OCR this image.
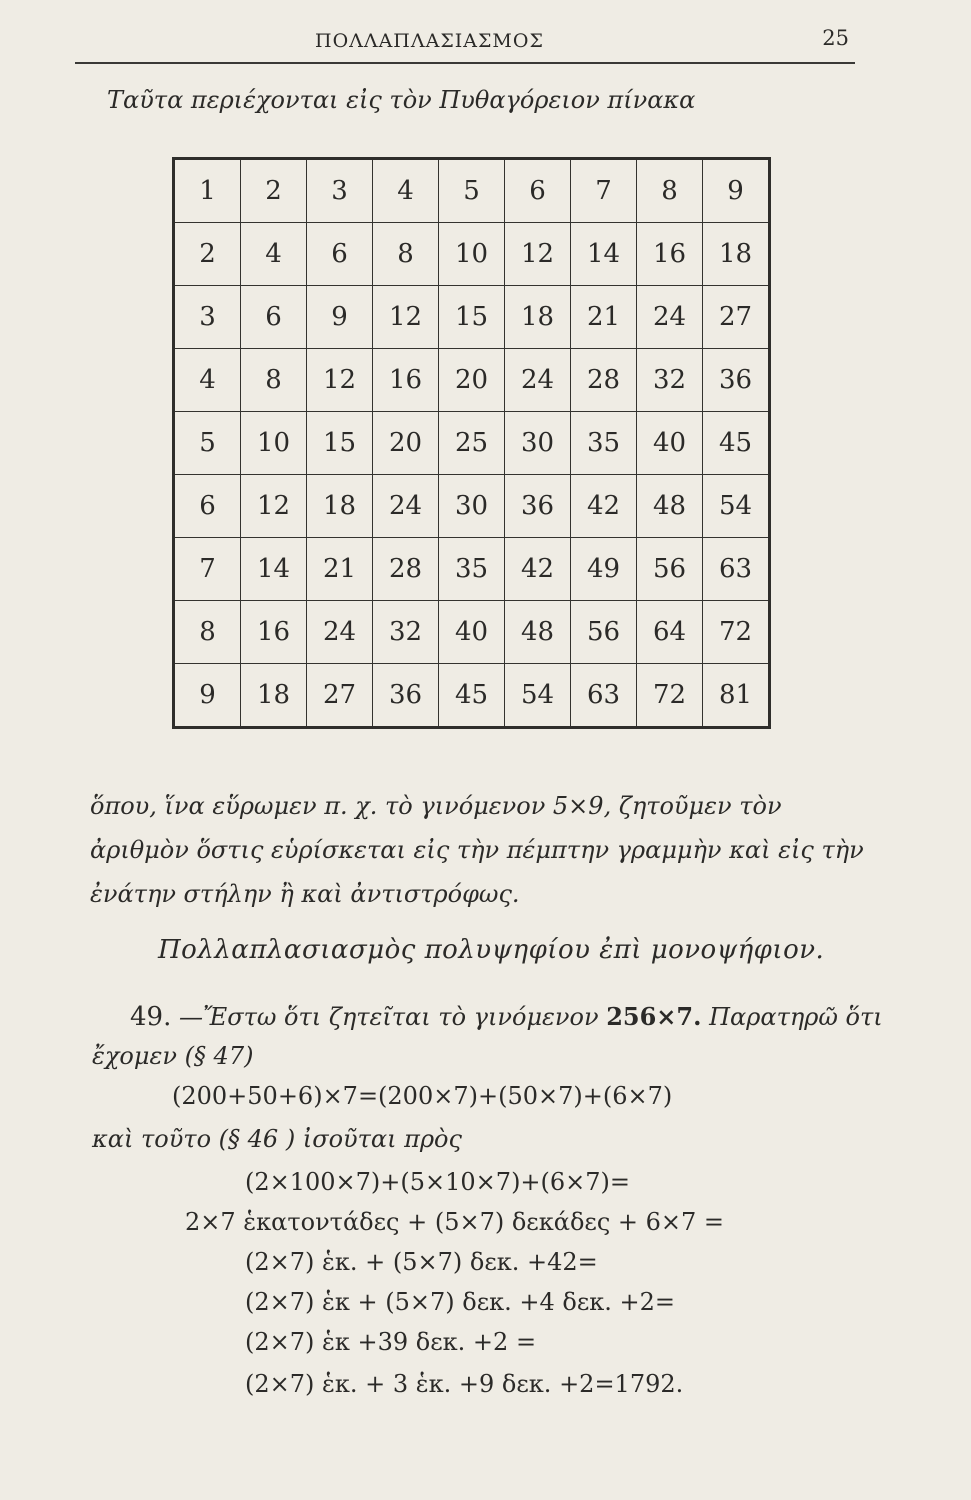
ΠΟΛΛΑΠΛΑΣΙΑΣΜΟΣ	25
Ταῦτα περιέχονται εἰς τὸν Πυθαγόρειον πίνακα
1	2	3	4	5	6	7	8	9
2	4	6	8	10	12	14	16	18
3	6	9	12	15	18	21	24	27
4	8	12	16	20	24	28	32	36
5	10	15	20	25	30	35	40	45
6	12	18	24	30	36	42	48	54
7	14	21	28	35	42	49	56	63
8	16	24	32	40	48	56	64	72
9	18	27	36	45	54	63	72	81
ὅπου, ἵνα εὕρωμεν π. χ. τὸ γινόμενον 5×9, ζητοῦμεν τὸν ἀριθμὸν ὅστις εὑρίσκεται εἰς τὴν πέμπτην γραμμὴν καὶ εἰς τὴν ἐνάτην στήλην ἢ καὶ ἀντιστρόφως.
Πολλαπλασιασμὸς πολυψηφίου ἐπὶ μονοψήφιον.
49. —Ἔστω ὅτι ζητεῖται τὸ γινόμενον 256×7. Παρατηρῶ ὅτι
ἔχομεν (§ 47)
(200+50+6)×7=(200×7)+(50×7)+(6×7)
καὶ τοῦτο (§ 46 ) ἰσοῦται πρὸς
(2×100×7)+(5×10×7)+(6×7)=
2×7 ἑκατοντάδες + (5×7) δεκάδες + 6×7 =
(2×7) ἑκ. + (5×7) δεκ. +42=
(2×7) ἑκ + (5×7) δεκ. +4 δεκ. +2=
(2×7) ἑκ +39 δεκ. +2 =
(2×7) ἑκ. + 3 ἑκ. +9 δεκ. +2=1792.
